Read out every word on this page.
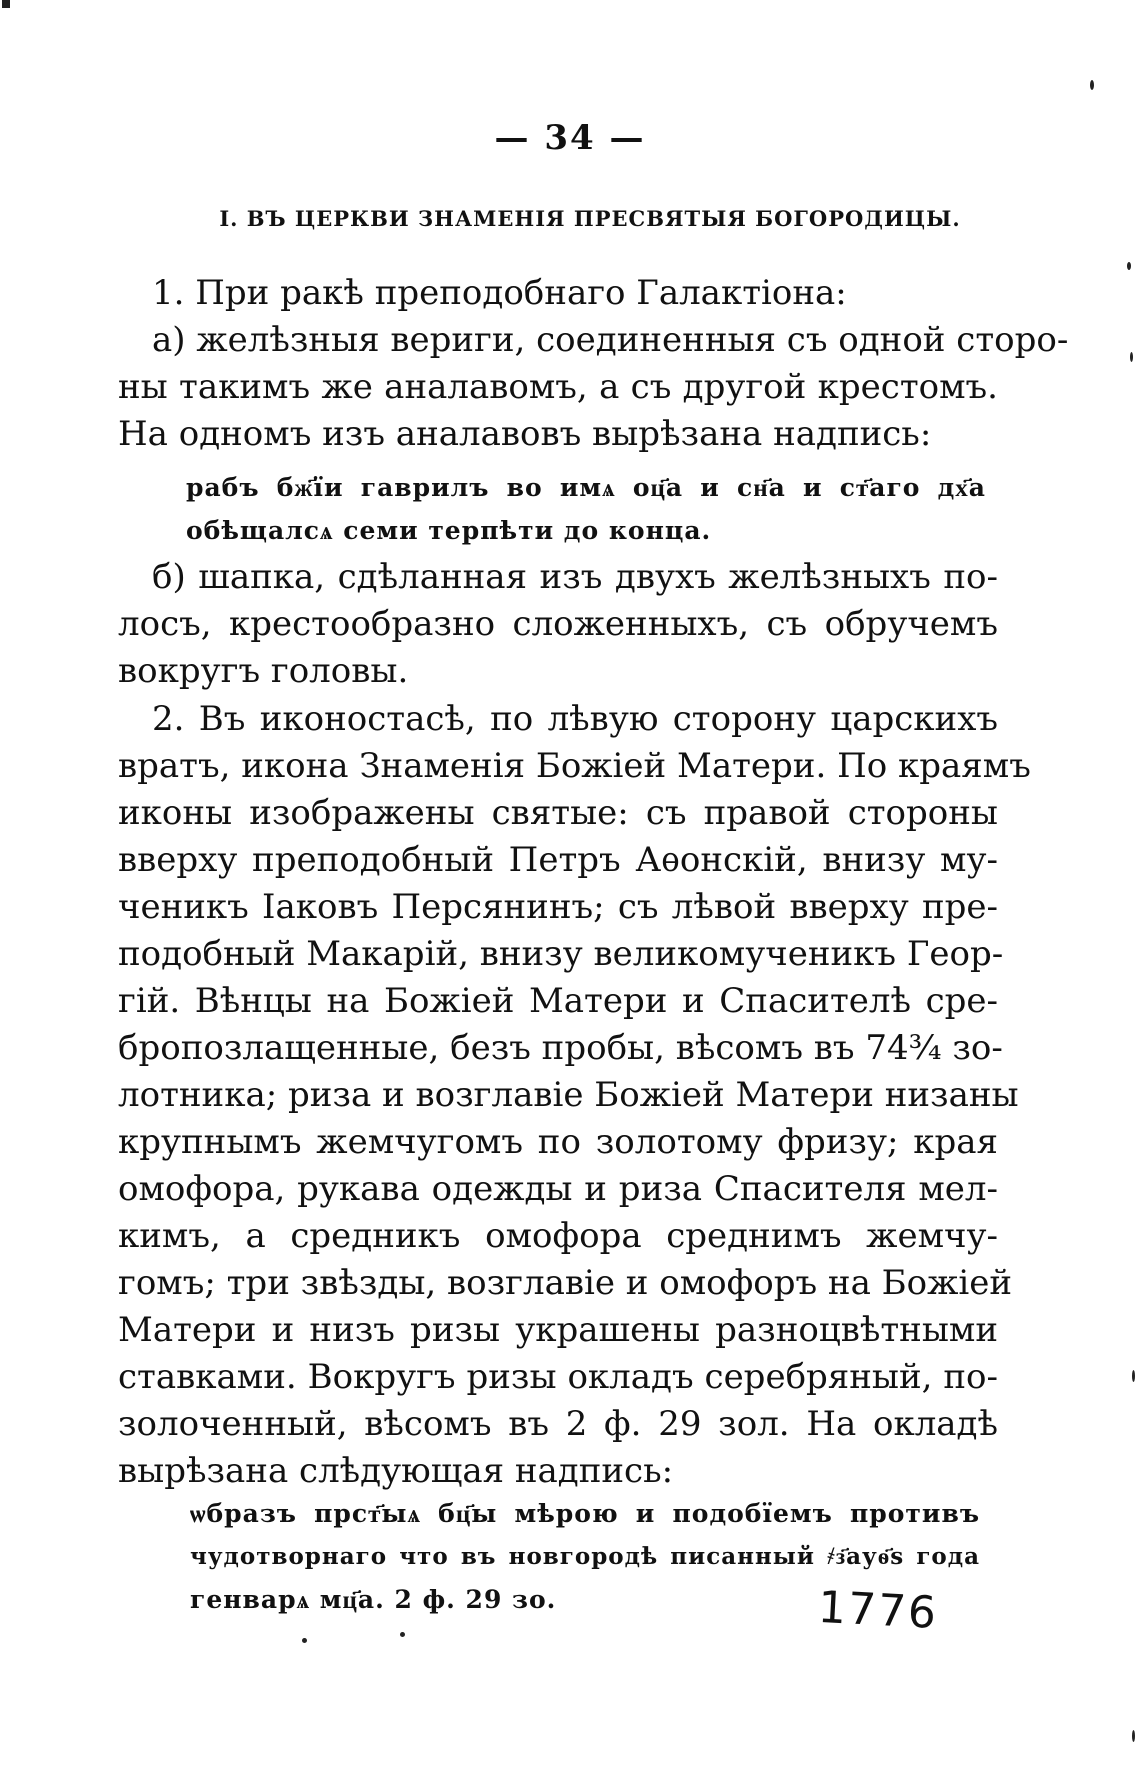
— 34 —
I. ВЪ ЦЕРКВИ ЗНАМЕНІЯ ПРЕСВЯТЫЯ БОГОРОДИЦЫ.
1. При ракѣ преподобнаго Галактіона:
а) желѣзныя вериги, соединенныя съ одной сторо-
ны такимъ же аналавомъ, а съ другой крестомъ.
На одномъ изъ аналавовъ вырѣзана надпись:
рабъ бж҃їи гаврилъ во имѧ оц҃а и сн҃а и ст҃аго дх҃а
обѣщалсѧ семи терпѣти до конца.
б) шапка, сдѣланная изъ двухъ желѣзныхъ по-
лосъ, крестообразно сложенныхъ, съ обручемъ
вокругъ головы.
2. Въ иконостасѣ, по лѣвую сторону царскихъ
вратъ, икона Знаменія Божіей Матери. По краямъ
иконы изображены святые: съ правой стороны
вверху преподобный Петръ Аѳонскій, внизу му-
ченикъ Іаковъ Персянинъ; съ лѣвой вверху пре-
подобный Макарій, внизу великомученикъ Геор-
гій. Вѣнцы на Божіей Матери и Спасителѣ сре-
бропозлащенные, безъ пробы, вѣсомъ въ 74¾ зо-
лотника; риза и возглавіе Божіей Матери низаны
крупнымъ жемчугомъ по золотому фризу; края
омофора, рукава одежды и риза Спасителя мел-
кимъ, а средникъ омофора среднимъ жемчу-
гомъ; три звѣзды, возглавіе и омофоръ на Божіей
Матери и низъ ризы украшены разноцвѣтными
ставками. Вокругъ ризы окладъ серебряный, по-
золоченный, вѣсомъ въ 2 ф. 29 зол. На окладѣ
вырѣзана слѣдующая надпись:
ѡбразъ прст҃ыѧ бц҃ы мѣрою и подобїемъ противъ
чудотворнаго что въ новгородѣ писанный ҂з҃ауѳ҃ѕ года
генварѧ мц҃а. 2 ф. 29 зо.	1776
